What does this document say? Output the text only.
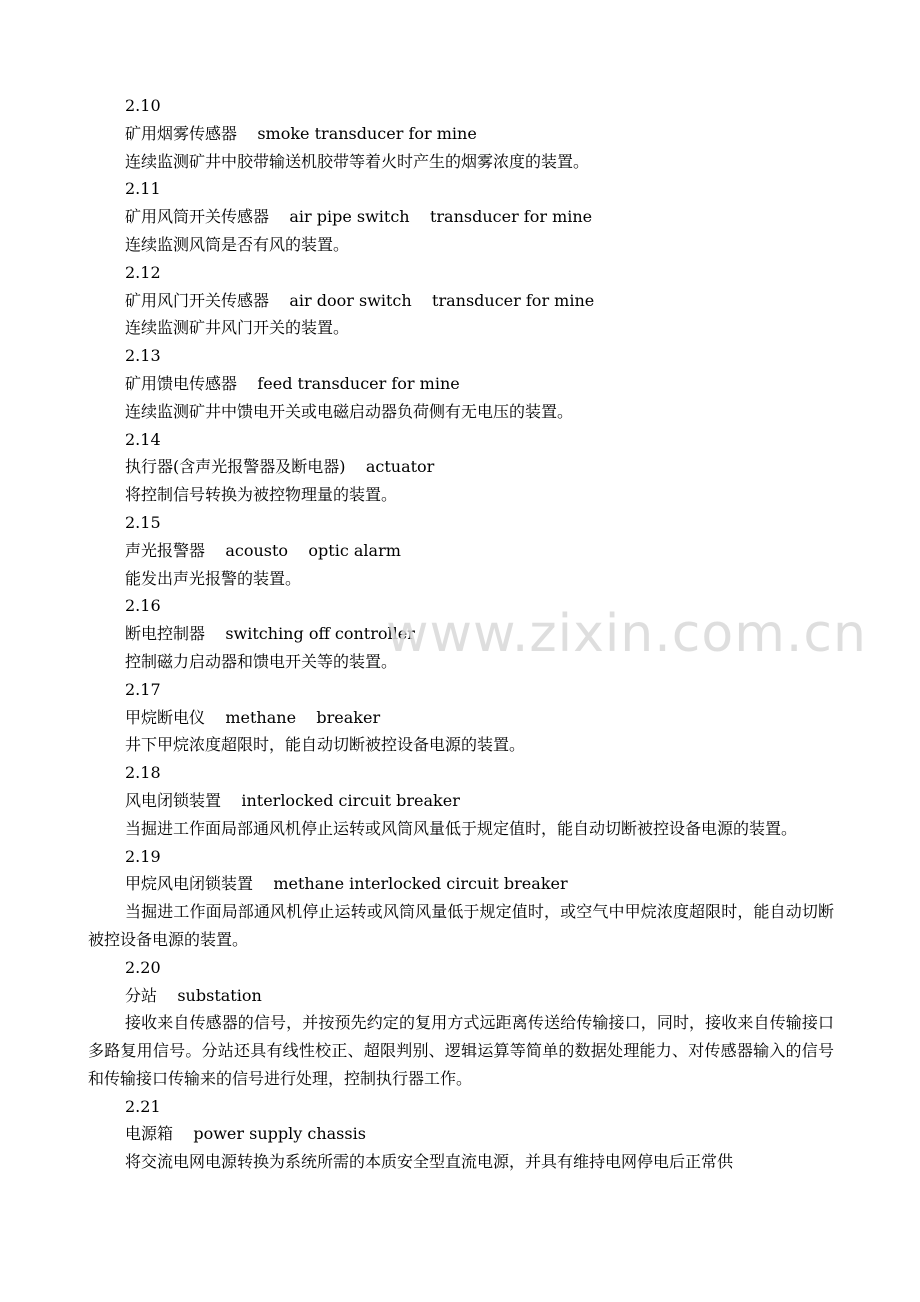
2.10
矿用烟雾传感器    smoke transducer for mine
连续监测矿井中胶带输送机胶带等着火时产生的烟雾浓度的装置。
2.11
矿用风筒开关传感器    air pipe switch    transducer for mine
连续监测风筒是否有风的装置。
2.12
矿用风门开关传感器    air door switch    transducer for mine
连续监测矿井风门开关的装置。
2.13
矿用馈电传感器    feed transducer for mine
连续监测矿井中馈电开关或电磁启动器负荷侧有无电压的装置。
2.14
执行器(含声光报警器及断电器)    actuator
将控制信号转换为被控物理量的装置。
2.15
声光报警器    acousto    optic alarm
能发出声光报警的装置。
2.16
断电控制器    switching off controller
控制磁力启动器和馈电开关等的装置。
2.17
甲烷断电仪    methane    breaker
井下甲烷浓度超限时，能自动切断被控设备电源的装置。
2.18
风电闭锁装置    interlocked circuit breaker
当掘进工作面局部通风机停止运转或风筒风量低于规定值时，能自动切断被控设备电源的装置。
2.19
甲烷风电闭锁装置    methane interlocked circuit breaker
当掘进工作面局部通风机停止运转或风筒风量低于规定值时，或空气中甲烷浓度超限时，能自动切断被控设备电源的装置。
2.20
分站    substation
接收来自传感器的信号，并按预先约定的复用方式远距离传送给传输接口，同时，接收来自传输接口多路复用信号。分站还具有线性校正、超限判别、逻辑运算等简单的数据处理能力、对传感器输入的信号和传输接口传输来的信号进行处理，控制执行器工作。
2.21
电源箱    power supply chassis
将交流电网电源转换为系统所需的本质安全型直流电源，并具有维持电网停电后正常供
www.zixin.com.cn
